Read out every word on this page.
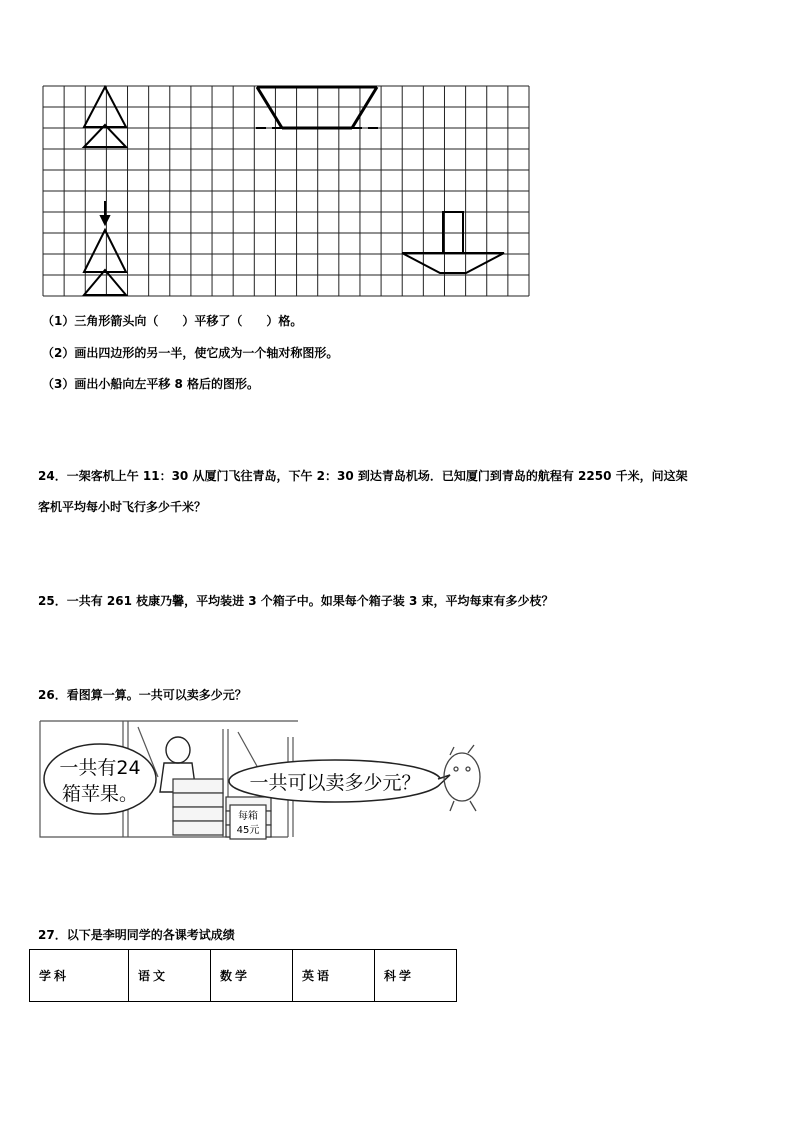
（1）三角形箭头向（　　）平移了（　　）格。
（2）画出四边形的另一半，使它成为一个轴对称图形。
（3）画出小船向左平移 8 格后的图形。
24．一架客机上午 11：30 从厦门飞往青岛，下午 2：30 到达青岛机场．已知厦门到青岛的航程有 2250 千米，问这架
客机平均每小时飞行多少千米？
25．一共有 261 枝康乃馨，平均装进 3 个箱子中。如果每个箱子装 3 束，平均每束有多少枝？
26．看图算一算。一共可以卖多少元？
每箱
45元
一共有24
箱苹果。	一共可以卖多少元？
27．以下是李明同学的各课考试成绩
学科	语文	数学	英语	科学
